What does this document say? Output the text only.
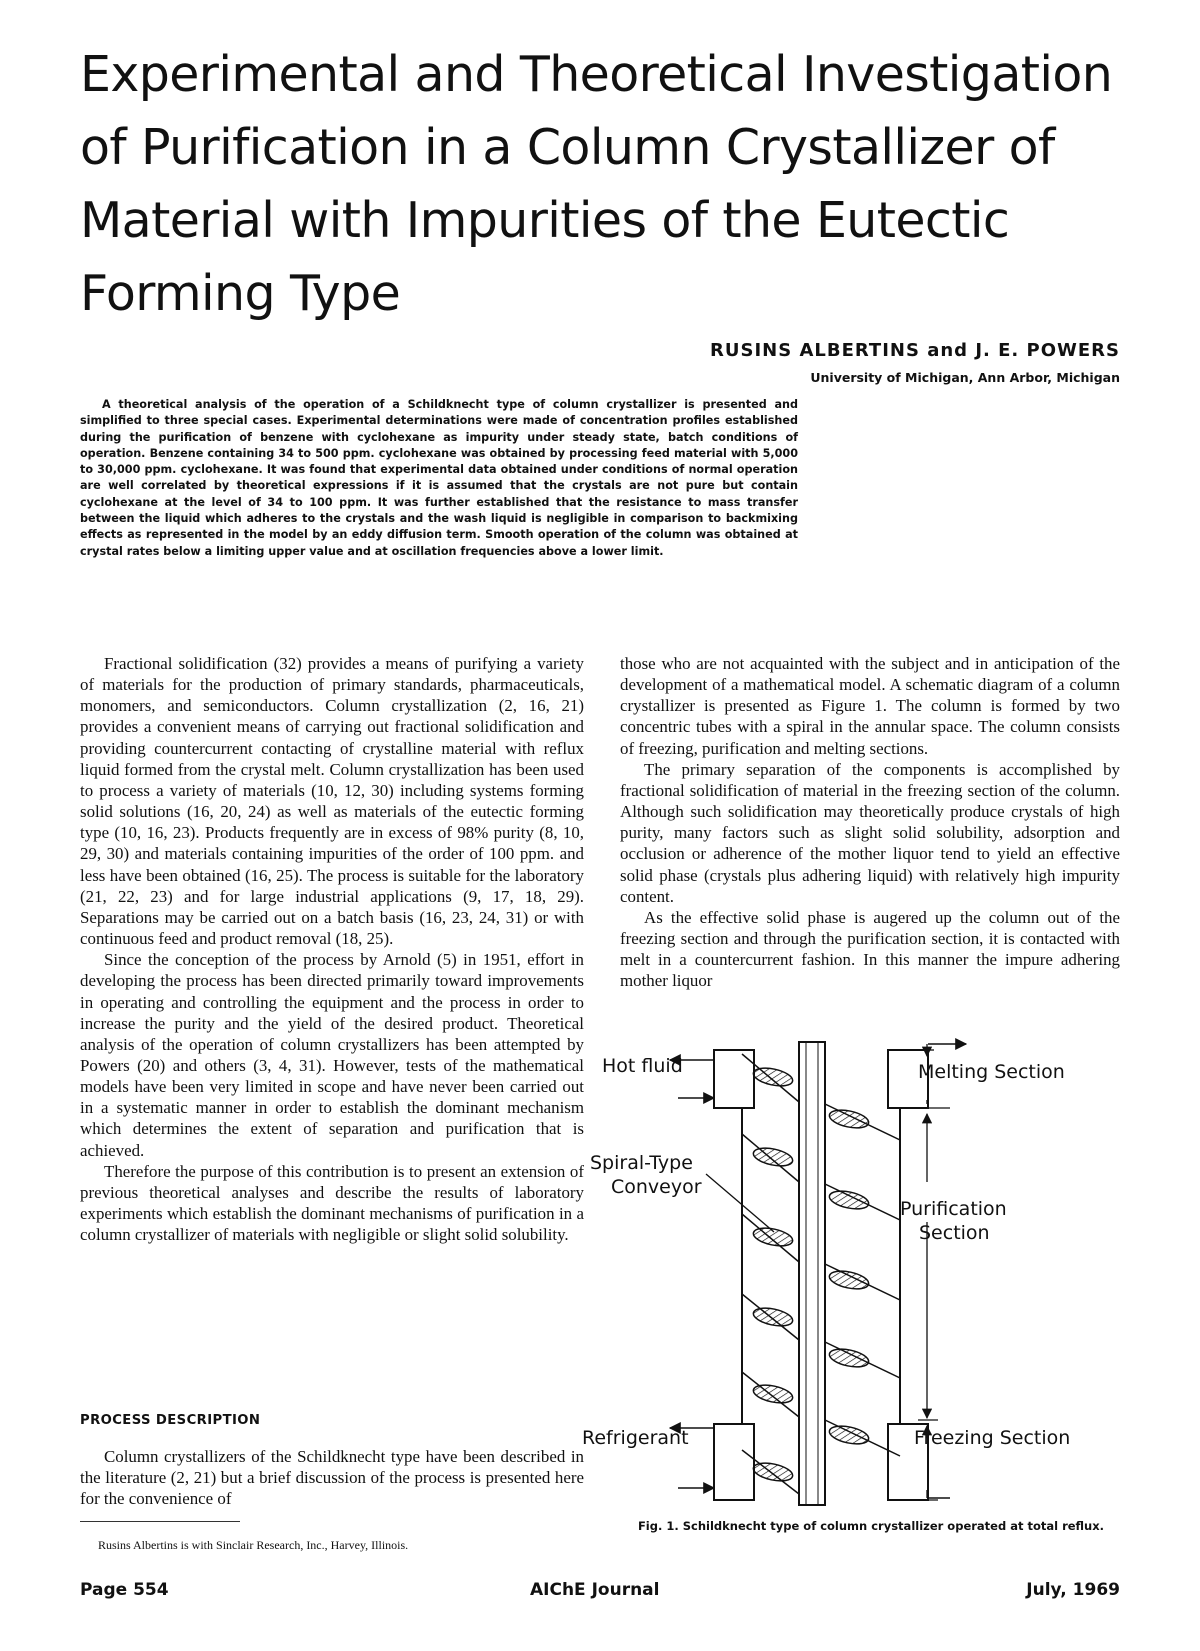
Experimental and Theoretical Investigation of Purification in a Column Crystallizer of Material with Impurities of the Eutectic Forming Type
RUSINS ALBERTINS and J. E. POWERS
University of Michigan, Ann Arbor, Michigan

A theoretical analysis of the operation of a Schildknecht type of column crystallizer is presented and simplified to three special cases. Experimental determinations were made of concentration profiles established during the purification of benzene with cyclohexane as impurity under steady state, batch conditions of operation. Benzene containing 34 to 500 ppm. cyclohexane was obtained by processing feed material with 5,000 to 30,000 ppm. cyclohexane. It was found that experimental data obtained under conditions of normal operation are well correlated by theoretical expressions if it is assumed that the crystals are not pure but contain cyclohexane at the level of 34 to 100 ppm. It was further established that the resistance to mass transfer between the liquid which adheres to the crystals and the wash liquid is negligible in comparison to backmixing effects as represented in the model by an eddy diffusion term. Smooth operation of the column was obtained at crystal rates below a limiting upper value and at oscillation frequencies above a lower limit.

Fractional solidification (32) provides a means of purifying a variety of materials for the production of primary standards, pharmaceuticals, monomers, and semiconductors. Column crystallization (2, 16, 21) provides a convenient means of carrying out fractional solidification and providing countercurrent contacting of crystalline material with reflux liquid formed from the crystal melt. Column crystallization has been used to process a variety of materials (10, 12, 30) including systems forming solid solutions (16, 20, 24) as well as materials of the eutectic forming type (10, 16, 23). Products frequently are in excess of 98% purity (8, 10, 29, 30) and materials containing impurities of the order of 100 ppm. and less have been obtained (16, 25). The process is suitable for the laboratory (21, 22, 23) and for large industrial applications (9, 17, 18, 29). Separations may be carried out on a batch basis (16, 23, 24, 31) or with continuous feed and product removal (18, 25).

Since the conception of the process by Arnold (5) in 1951, effort in developing the process has been directed primarily toward improvements in operating and controlling the equipment and the process in order to increase the purity and the yield of the desired product. Theoretical analysis of the operation of column crystallizers has been attempted by Powers (20) and others (3, 4, 31). However, tests of the mathematical models have been very limited in scope and have never been carried out in a systematic manner in order to establish the dominant mechanism which determines the extent of separation and purification that is achieved.

Therefore the purpose of this contribution is to present an extension of previous theoretical analyses and describe the results of laboratory experiments which establish the dominant mechanisms of purification in a column crystallizer of materials with negligible or slight solid solubility.

PROCESS DESCRIPTION

Column crystallizers of the Schildknecht type have been described in the literature (2, 21) but a brief discussion of the process is presented here for the convenience of

those who are not acquainted with the subject and in anticipation of the development of a mathematical model. A schematic diagram of a column crystallizer is presented as Figure 1. The column is formed by two concentric tubes with a spiral in the annular space. The column consists of freezing, purification and melting sections.

The primary separation of the components is accomplished by fractional solidification of material in the freezing section of the column. Although such solidification may theoretically produce crystals of high purity, many factors such as slight solid solubility, adsorption and occlusion or adherence of the mother liquor tend to yield an effective solid phase (crystals plus adhering liquid) with relatively high impurity content.

As the effective solid phase is augered up the column out of the freezing section and through the purification section, it is contacted with melt in a countercurrent fashion. In this manner the impure adhering mother liquor

Rusins Albertins is with Sinclair Research, Inc., Harvey, Illinois.
Hot fluid	Melting Section
Spiral-Type
Conveyor
Purification
Section
Refrigerant	Freezing Section

Fig. 1. Schildknecht type of column crystallizer operated at total reflux.

Page 554	AIChE Journal	July, 1969
